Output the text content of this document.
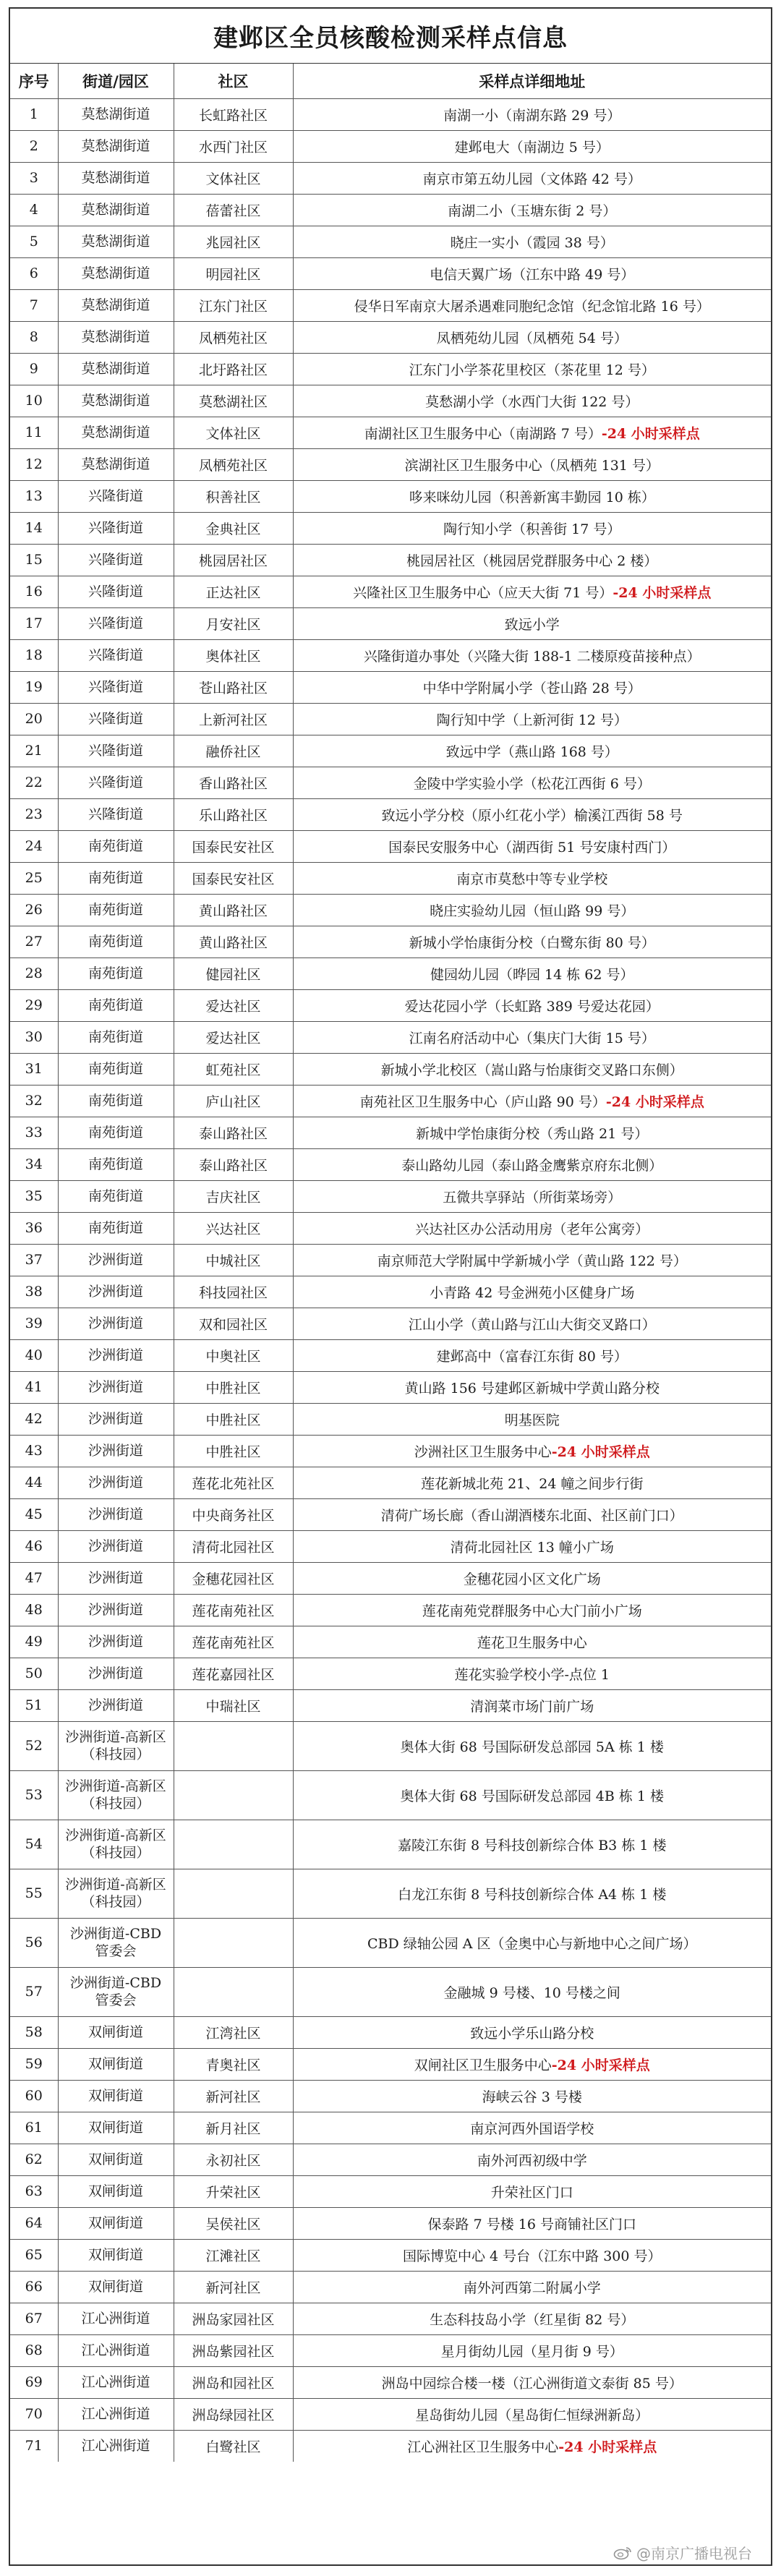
建邺区全员核酸检测采样点信息
序号	街道/园区	社区	采样点详细地址
1	莫愁湖街道	长虹路社区	南湖一小（南湖东路 29 号）
2	莫愁湖街道	水西门社区	建邺电大（南湖边 5 号）
3	莫愁湖街道	文体社区	南京市第五幼儿园（文体路 42 号）
4	莫愁湖街道	蓓蕾社区	南湖二小（玉塘东街 2 号）
5	莫愁湖街道	兆园社区	晓庄一实小（霞园 38 号）
6	莫愁湖街道	明园社区	电信天翼广场（江东中路 49 号）
7	莫愁湖街道	江东门社区	侵华日军南京大屠杀遇难同胞纪念馆（纪念馆北路 16 号）
8	莫愁湖街道	凤栖苑社区	凤栖苑幼儿园（凤栖苑 54 号）
9	莫愁湖街道	北圩路社区	江东门小学茶花里校区（茶花里 12 号）
10	莫愁湖街道	莫愁湖社区	莫愁湖小学（水西门大街 122 号）
11	莫愁湖街道	文体社区	南湖社区卫生服务中心（南湖路 7 号）-24 小时采样点
12	莫愁湖街道	凤栖苑社区	滨湖社区卫生服务中心（凤栖苑 131 号）
13	兴隆街道	积善社区	哆来咪幼儿园（积善新寓丰勤园 10 栋）
14	兴隆街道	金典社区	陶行知小学（积善街 17 号）
15	兴隆街道	桃园居社区	桃园居社区（桃园居党群服务中心 2 楼）
16	兴隆街道	正达社区	兴隆社区卫生服务中心（应天大街 71 号）-24 小时采样点
17	兴隆街道	月安社区	致远小学
18	兴隆街道	奥体社区	兴隆街道办事处（兴隆大街 188-1 二楼原疫苗接种点）
19	兴隆街道	苍山路社区	中华中学附属小学（苍山路 28 号）
20	兴隆街道	上新河社区	陶行知中学（上新河街 12 号）
21	兴隆街道	融侨社区	致远中学（燕山路 168 号）
22	兴隆街道	香山路社区	金陵中学实验小学（松花江西街 6 号）
23	兴隆街道	乐山路社区	致远小学分校（原小红花小学）榆溪江西街 58 号
24	南苑街道	国泰民安社区	国泰民安服务中心（湖西街 51 号安康村西门）
25	南苑街道	国泰民安社区	南京市莫愁中等专业学校
26	南苑街道	黄山路社区	晓庄实验幼儿园（恒山路 99 号）
27	南苑街道	黄山路社区	新城小学怡康街分校（白鹭东街 80 号）
28	南苑街道	健园社区	健园幼儿园（晔园 14 栋 62 号）
29	南苑街道	爱达社区	爱达花园小学（长虹路 389 号爱达花园）
30	南苑街道	爱达社区	江南名府活动中心（集庆门大街 15 号）
31	南苑街道	虹苑社区	新城小学北校区（嵩山路与怡康街交叉路口东侧）
32	南苑街道	庐山社区	南苑社区卫生服务中心（庐山路 90 号）-24 小时采样点
33	南苑街道	泰山路社区	新城中学怡康街分校（秀山路 21 号）
34	南苑街道	泰山路社区	泰山路幼儿园（泰山路金鹰紫京府东北侧）
35	南苑街道	吉庆社区	五微共享驿站（所街菜场旁）
36	南苑街道	兴达社区	兴达社区办公活动用房（老年公寓旁）
37	沙洲街道	中城社区	南京师范大学附属中学新城小学（黄山路 122 号）
38	沙洲街道	科技园社区	小青路 42 号金洲苑小区健身广场
39	沙洲街道	双和园社区	江山小学（黄山路与江山大街交叉路口）
40	沙洲街道	中奥社区	建邺高中（富春江东街 80 号）
41	沙洲街道	中胜社区	黄山路 156 号建邺区新城中学黄山路分校
42	沙洲街道	中胜社区	明基医院
43	沙洲街道	中胜社区	沙洲社区卫生服务中心-24 小时采样点
44	沙洲街道	莲花北苑社区	莲花新城北苑 21、24 幢之间步行街
45	沙洲街道	中央商务社区	清荷广场长廊（香山湖酒楼东北面、社区前门口）
46	沙洲街道	清荷北园社区	清荷北园社区 13 幢小广场
47	沙洲街道	金穗花园社区	金穗花园小区文化广场
48	沙洲街道	莲花南苑社区	莲花南苑党群服务中心大门前小广场
49	沙洲街道	莲花南苑社区	莲花卫生服务中心
50	沙洲街道	莲花嘉园社区	莲花实验学校小学-点位 1
51	沙洲街道	中瑞社区	清润菜市场门前广场
52	沙洲街道-高新区（科技园）		奥体大街 68 号国际研发总部园 5A 栋 1 楼
53	沙洲街道-高新区（科技园）		奥体大街 68 号国际研发总部园 4B 栋 1 楼
54	沙洲街道-高新区（科技园）		嘉陵江东街 8 号科技创新综合体 B3 栋 1 楼
55	沙洲街道-高新区（科技园）		白龙江东街 8 号科技创新综合体 A4 栋 1 楼
56	沙洲街道-CBD 管委会		CBD 绿轴公园 A 区（金奥中心与新地中心之间广场）
57	沙洲街道-CBD 管委会		金融城 9 号楼、10 号楼之间
58	双闸街道	江湾社区	致远小学乐山路分校
59	双闸街道	青奥社区	双闸社区卫生服务中心-24 小时采样点
60	双闸街道	新河社区	海峡云谷 3 号楼
61	双闸街道	新月社区	南京河西外国语学校
62	双闸街道	永初社区	南外河西初级中学
63	双闸街道	升荣社区	升荣社区门口
64	双闸街道	吴侯社区	保泰路 7 号楼 16 号商铺社区门口
65	双闸街道	江滩社区	国际博览中心 4 号台（江东中路 300 号）
66	双闸街道	新河社区	南外河西第二附属小学
67	江心洲街道	洲岛家园社区	生态科技岛小学（红星街 82 号）
68	江心洲街道	洲岛紫园社区	星月街幼儿园（星月街 9 号）
69	江心洲街道	洲岛和园社区	洲岛中园综合楼一楼（江心洲街道文泰街 85 号）
70	江心洲街道	洲岛绿园社区	星岛街幼儿园（星岛街仁恒绿洲新岛）
71	江心洲街道	白鹭社区	江心洲社区卫生服务中心-24 小时采样点
@南京广播电视台
